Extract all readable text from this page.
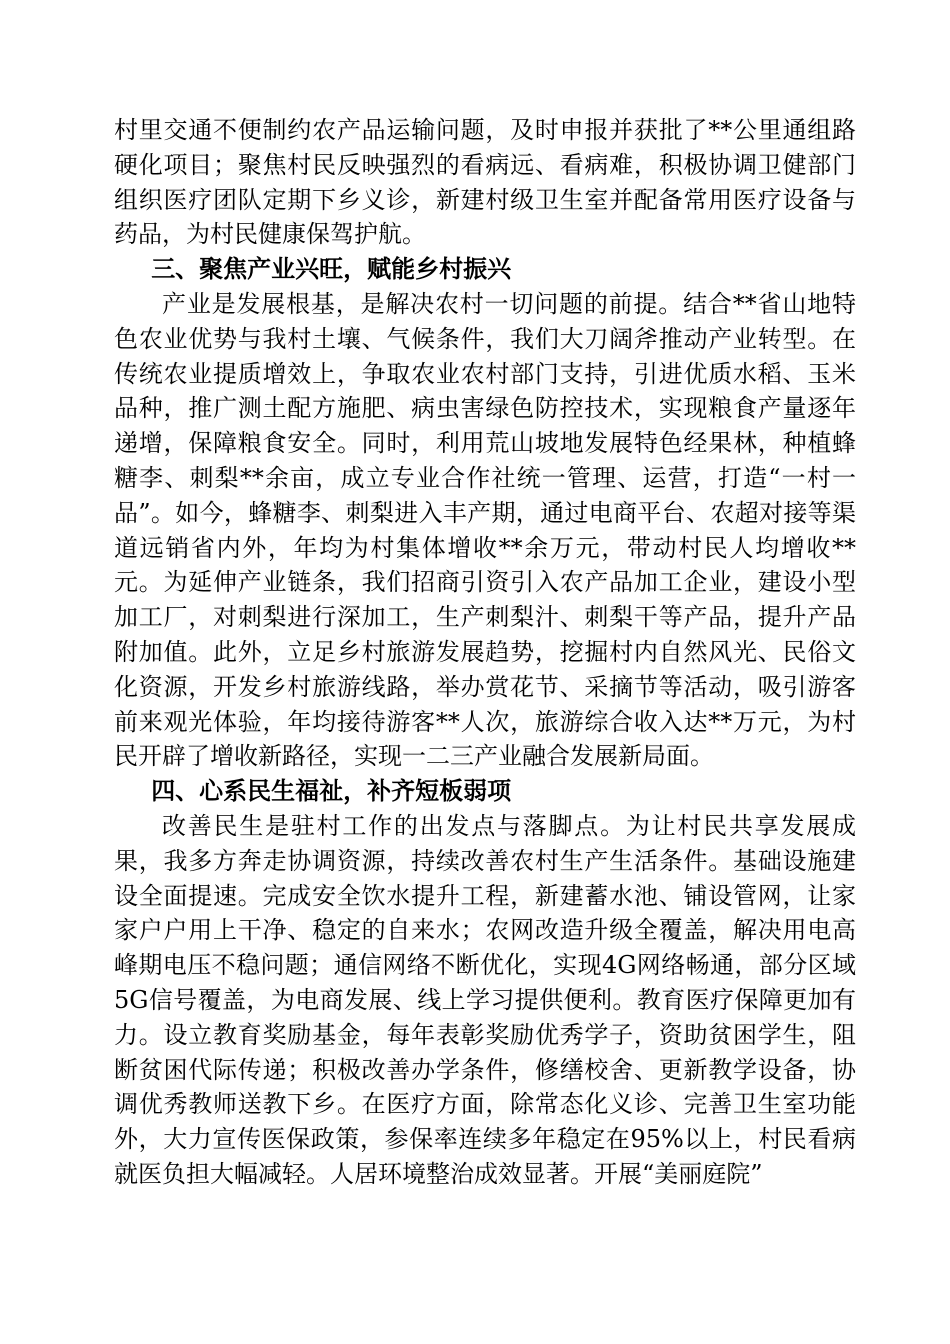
村里交通不便制约农产品运输问题，及时申报并获批了**公里通组路硬化项目；聚焦村民反映强烈的看病远、看病难，积极协调卫健部门组织医疗团队定期下乡义诊，新建村级卫生室并配备常用医疗设备与药品，为村民健康保驾护航。

三、聚焦产业兴旺，赋能乡村振兴

产业是发展根基，是解决农村一切问题的前提。结合**省山地特色农业优势与我村土壤、气候条件，我们大刀阔斧推动产业转型。在传统农业提质增效上，争取农业农村部门支持，引进优质水稻、玉米品种，推广测土配方施肥、病虫害绿色防控技术，实现粮食产量逐年递增，保障粮食安全。同时，利用荒山坡地发展特色经果林，种植蜂糖李、刺梨**余亩，成立专业合作社统一管理、运营，打造“一村一品”。如今，蜂糖李、刺梨进入丰产期，通过电商平台、农超对接等渠道远销省内外，年均为村集体增收**余万元，带动村民人均增收**元。为延伸产业链条，我们招商引资引入农产品加工企业，建设小型加工厂，对刺梨进行深加工，生产刺梨汁、刺梨干等产品，提升产品附加值。此外，立足乡村旅游发展趋势，挖掘村内自然风光、民俗文化资源，开发乡村旅游线路，举办赏花节、采摘节等活动，吸引游客前来观光体验，年均接待游客**人次，旅游综合收入达**万元，为村民开辟了增收新路径，实现一二三产业融合发展新局面。

四、心系民生福祉，补齐短板弱项

改善民生是驻村工作的出发点与落脚点。为让村民共享发展成果，我多方奔走协调资源，持续改善农村生产生活条件。基础设施建设全面提速。完成安全饮水提升工程，新建蓄水池、铺设管网，让家家户户用上干净、稳定的自来水；农网改造升级全覆盖，解决用电高峰期电压不稳问题；通信网络不断优化，实现4G网络畅通，部分区域5G信号覆盖，为电商发展、线上学习提供便利。教育医疗保障更加有力。设立教育奖励基金，每年表彰奖励优秀学子，资助贫困学生，阻断贫困代际传递；积极改善办学条件，修缮校舍、更新教学设备，协调优秀教师送教下乡。在医疗方面，除常态化义诊、完善卫生室功能外，大力宣传医保政策，参保率连续多年稳定在95%以上，村民看病就医负担大幅减轻。人居环境整治成效显著。开展“美丽庭院”
